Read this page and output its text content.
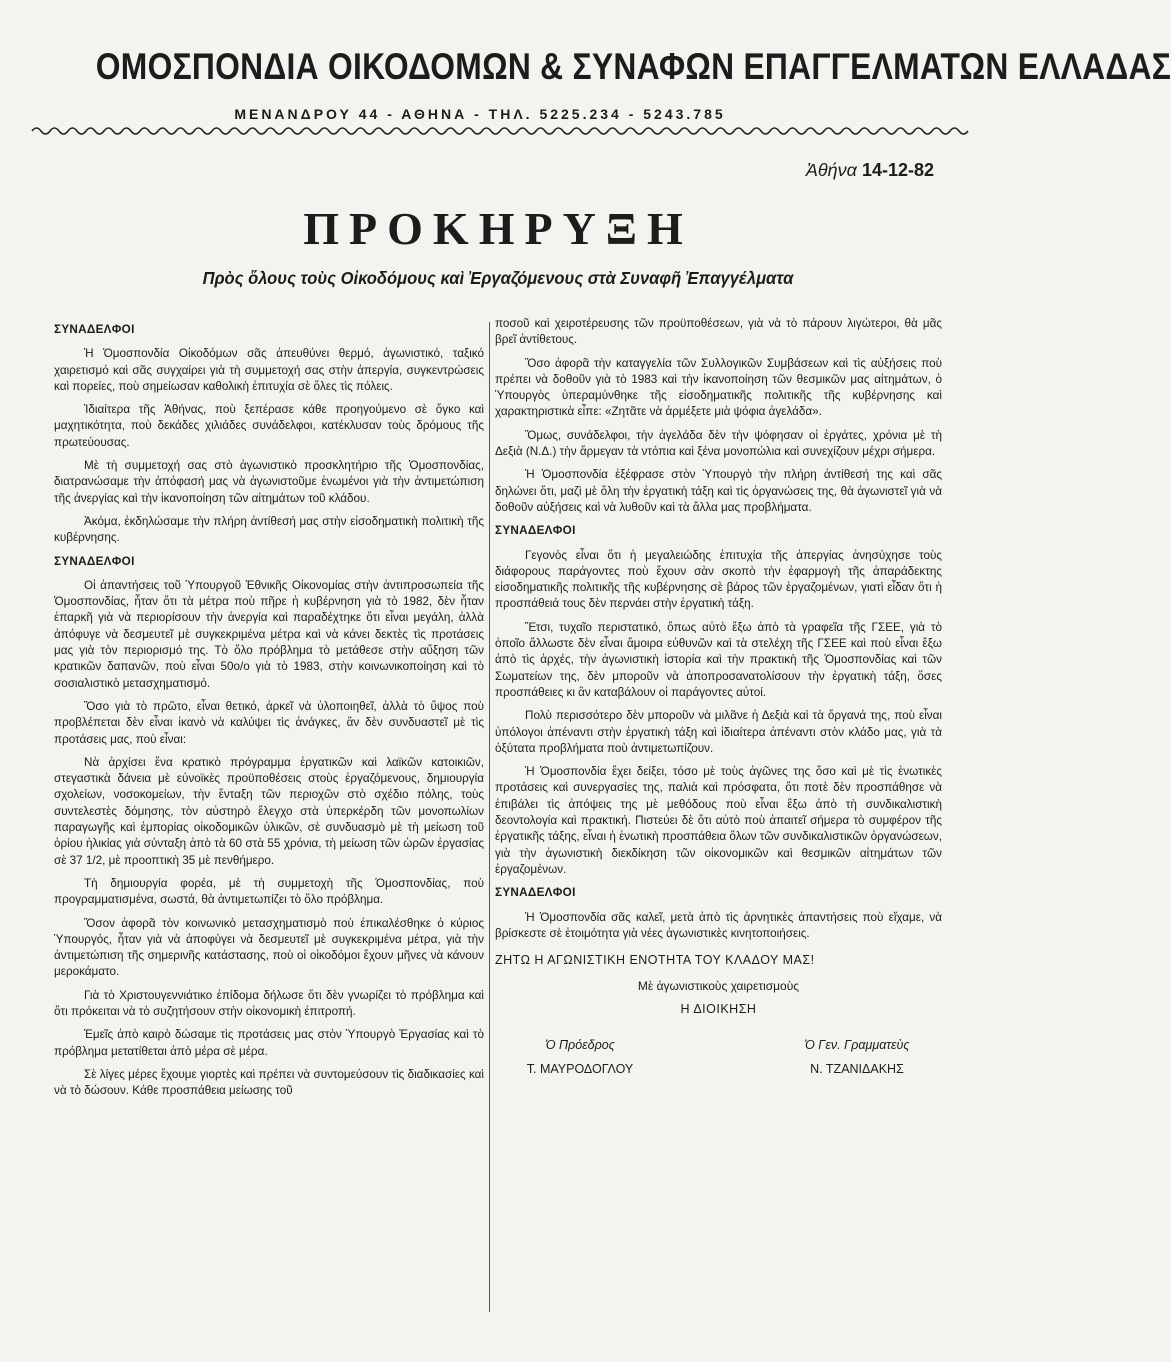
ΟΜΟΣΠΟΝΔΙΑ ΟΙΚΟΔΟΜΩΝ & ΣΥΝΑΦΩΝ ΕΠΑΓΓΕΛΜΑΤΩΝ ΕΛΛΑΔΑΣ
ΜΕΝΑΝΔΡΟΥ 44 - ΑΘΗΝΑ - ΤΗΛ. 5225.234 - 5243.785
Ἀθήνα 14-12-82
ΠΡΟΚΗΡΥΞΗ
Πρὸς ὅλους τοὺς Οἰκοδόμους καὶ Ἐργαζόμενους στὰ Συναφῆ Ἐπαγγέλματα
ΣΥΝΑΔΕΛΦΟΙ

Ἡ Ὁμοσπονδία Οἰκοδόμων σᾶς ἀπευθύνει θερμό, ἀγωνιστικό, ταξικό χαιρετισμό καὶ σᾶς συγχαίρει γιὰ τὴ συμμετοχή σας στὴν ἀπεργία, συγκεντρώσεις καὶ πορείες, ποὺ σημείωσαν καθολικὴ ἐπιτυχία σὲ ὅλες τὶς πόλεις.

Ἰδιαίτερα τῆς Ἀθήνας, ποὺ ξεπέρασε κάθε προηγούμενο σὲ ὄγκο καὶ μαχητικότητα, ποὺ δεκάδες χιλιάδες συνάδελφοι, κατέκλυσαν τοὺς δρόμους τῆς πρωτεύουσας.

Μὲ τὴ συμμετοχή σας στὸ ἀγωνιστικὸ προσκλητήριο τῆς Ὁμοσπονδίας, διατρανώσαμε τὴν ἀπόφασή μας νὰ ἀγωνιστοῦμε ἑνωμένοι γιὰ τὴν ἀντιμετώπιση τῆς ἀνεργίας καὶ τὴν ἱκανοποίηση τῶν αἰτημάτων τοῦ κλάδου.

Ἀκόμα, ἐκδηλώσαμε τὴν πλήρη ἀντίθεσή μας στὴν εἰσοδηματικὴ πολιτικὴ τῆς κυβέρνησης.

ΣΥΝΑΔΕΛΦΟΙ

Οἱ ἀπαντήσεις τοῦ Ὑπουργοῦ Ἐθνικῆς Οἰκονομίας στὴν ἀντιπροσωπεία τῆς Ὁμοσπονδίας, ἦταν ὅτι τὰ μέτρα ποὺ πῆρε ἡ κυβέρνηση γιὰ τὸ 1982, δὲν ἦταν ἐπαρκῆ γιὰ νὰ περιορίσουν τὴν ἀνεργία καὶ παραδέχτηκε ὅτι εἶναι μεγάλη, ἀλλὰ ἀπόφυγε νὰ δεσμευτεῖ μὲ συγκεκριμένα μέτρα καὶ νὰ κάνει δεκτὲς τὶς προτάσεις μας γιὰ τὸν περιορισμό της. Τὸ ὅλο πρόβλημα τὸ μετάθεσε στὴν αὔξηση τῶν κρατικῶν δαπανῶν, ποὺ εἶναι 50ο/ο γιὰ τὸ 1983, στὴν κοινωνικοποίηση καὶ τὸ σοσιαλιστικὸ μετασχηματισμό.

Ὅσο γιὰ τὸ πρῶτο, εἶναι θετικό, ἀρκεῖ νὰ ὑλοποιηθεῖ, ἀλλὰ τὸ ὕψος ποὺ προβλέπεται δὲν εἶναι ἱκανὸ νὰ καλύψει τὶς ἀνάγκες, ἂν δὲν συνδυαστεῖ μὲ τὶς προτάσεις μας, ποὺ εἶναι:

Νὰ ἀρχίσει ἕνα κρατικὸ πρόγραμμα ἐργατικῶν καὶ λαϊκῶν κατοικιῶν, στεγαστικὰ δάνεια μὲ εὐνοϊκὲς προϋποθέσεις στοὺς ἐργαζόμενους, δημιουργία σχολείων, νοσοκομείων, τὴν ἔνταξη τῶν περιοχῶν στὸ σχέδιο πόλης, τοὺς συντελεστὲς δόμησης, τὸν αὐστηρὸ ἔλεγχο στὰ ὑπερκέρδη τῶν μονοπωλίων παραγωγῆς καὶ ἐμπορίας οἰκοδομικῶν ὑλικῶν, σὲ συνδυασμὸ μὲ τὴ μείωση τοῦ ὁρίου ἡλικίας γιὰ σύνταξη ἀπὸ τὰ 60 στὰ 55 χρόνια, τὴ μείωση τῶν ὡρῶν ἐργασίας σὲ 37 1/2, μὲ προοπτικὴ 35 μὲ πενθήμερο.

Τὴ δημιουργία φορέα, μὲ τὴ συμμετοχὴ τῆς Ὁμοσπονδίας, ποὺ προγραμματισμένα, σωστά, θὰ ἀντιμετωπίζει τὸ ὅλο πρόβλημα.

Ὅσον ἀφορᾶ τὸν κοινωνικὸ μετασχηματισμὸ ποὺ ἐπικαλέσθηκε ὁ κύριος Ὑπουργός, ἦταν γιὰ νὰ ἀποφύγει νὰ δεσμευτεῖ μὲ συγκεκριμένα μέτρα, γιὰ τὴν ἀντιμετώπιση τῆς σημερινῆς κατάστασης, ποὺ οἱ οἰκοδόμοι ἔχουν μῆνες νὰ κάνουν μεροκάματο.

Γιὰ τὸ Χριστουγεννιάτικο ἐπίδομα δήλωσε ὅτι δὲν γνωρίζει τὸ πρόβλημα καὶ ὅτι πρόκειται νὰ τὸ συζητήσουν στὴν οἰκονομικὴ ἐπιτροπή.

Ἐμεῖς ἀπὸ καιρὸ δώσαμε τὶς προτάσεις μας στὸν Ὑπουργὸ Ἐργασίας καὶ τὸ πρόβλημα μετατίθεται ἀπὸ μέρα σὲ μέρα.

Σὲ λίγες μέρες ἔχουμε γιορτὲς καὶ πρέπει νὰ συντομεύσουν τὶς διαδικασίες καὶ νὰ τὸ δώσουν. Κάθε προσπάθεια μείωσης τοῦ

ποσοῦ καὶ χειροτέρευσης τῶν προϋποθέσεων, γιὰ νὰ τὸ πάρουν λιγώτεροι, θὰ μᾶς βρεῖ ἀντίθετους.

Ὅσο ἀφορᾶ τὴν καταγγελία τῶν Συλλογικῶν Συμβάσεων καὶ τὶς αὐξήσεις ποὺ πρέπει νὰ δοθοῦν γιὰ τὸ 1983 καὶ τὴν ἱκανοποίηση τῶν θεσμικῶν μας αἰτημάτων, ὁ Ὑπουργὸς ὑπεραμύνθηκε τῆς εἰσοδηματικῆς πολιτικῆς τῆς κυβέρνησης καὶ χαρακτηριστικὰ εἶπε: «Ζητᾶτε νὰ ἀρμέξετε μιὰ ψόφια ἀγελάδα».

Ὅμως, συνάδελφοι, τὴν ἀγελάδα δὲν τὴν ψόφησαν οἱ ἐργάτες, χρόνια μὲ τὴ Δεξιὰ (Ν.Δ.) τὴν ἄρμεγαν τὰ ντόπια καὶ ξένα μονοπώλια καὶ συνεχίζουν μέχρι σήμερα.

Ἡ Ὁμοσπονδία ἐξέφρασε στὸν Ὑπουργὸ τὴν πλήρη ἀντίθεσή της καὶ σᾶς δηλώνει ὅτι, μαζὶ μὲ ὅλη τὴν ἐργατικὴ τάξη καὶ τὶς ὀργανώσεις της, θὰ ἀγωνιστεῖ γιὰ νὰ δοθοῦν αὐξήσεις καὶ νὰ λυθοῦν καὶ τὰ ἄλλα μας προβλήματα.

ΣΥΝΑΔΕΛΦΟΙ

Γεγονὸς εἶναι ὅτι ἡ μεγαλειώδης ἐπιτυχία τῆς ἀπεργίας ἀνησύχησε τοὺς διάφορους παράγοντες ποὺ ἔχουν σὰν σκοπὸ τὴν ἐφαρμογὴ τῆς ἀπαράδεκτης εἰσοδηματικῆς πολιτικῆς τῆς κυβέρνησης σὲ βάρος τῶν ἐργαζομένων, γιατὶ εἶδαν ὅτι ἡ προσπάθειά τους δὲν περνάει στὴν ἐργατικὴ τάξη.

Ἔτσι, τυχαῖο περιστατικό, ὅπως αὐτὸ ἔξω ἀπὸ τὰ γραφεῖα τῆς ΓΣΕΕ, γιὰ τὸ ὁποῖο ἄλλωστε δὲν εἶναι ἄμοιρα εὐθυνῶν καὶ τὰ στελέχη τῆς ΓΣΕΕ καὶ ποὺ εἶναι ἔξω ἀπὸ τὶς ἀρχές, τὴν ἀγωνιστικὴ ἱστορία καὶ τὴν πρακτικὴ τῆς Ὁμοσπονδίας καὶ τῶν Σωματείων της, δὲν μποροῦν νὰ ἀποπροσανατολίσουν τὴν ἐργατικὴ τάξη, ὅσες προσπάθειες κι ἂν καταβάλουν οἱ παράγοντες αὐτοί.

Πολὺ περισσότερο δὲν μποροῦν νὰ μιλᾶνε ἡ Δεξιὰ καὶ τὰ ὄργανά της, ποὺ εἶναι ὑπόλογοι ἀπέναντι στὴν ἐργατικὴ τάξη καὶ ἰδιαίτερα ἀπέναντι στὸν κλάδο μας, γιὰ τὰ ὀξύτατα προβλήματα ποὺ ἀντιμετωπίζουν.

Ἡ Ὁμοσπονδία ἔχει δείξει, τόσο μὲ τοὺς ἀγῶνες της ὅσο καὶ μὲ τὶς ἑνωτικὲς προτάσεις καὶ συνεργασίες της, παλιὰ καὶ πρόσφατα, ὅτι ποτὲ δὲν προσπάθησε νὰ ἐπιβάλει τὶς ἀπόψεις της μὲ μεθόδους ποὺ εἶναι ἔξω ἀπὸ τὴ συνδικαλιστικὴ δεοντολογία καὶ πρακτική. Πιστεύει δὲ ὅτι αὐτὸ ποὺ ἀπαιτεῖ σήμερα τὸ συμφέρον τῆς ἐργατικῆς τάξης, εἶναι ἡ ἑνωτικὴ προσπάθεια ὅλων τῶν συνδικαλιστικῶν ὀργανώσεων, γιὰ τὴν ἀγωνιστικὴ διεκδίκηση τῶν οἰκονομικῶν καὶ θεσμικῶν αἰτημάτων τῶν ἐργαζομένων.

ΣΥΝΑΔΕΛΦΟΙ

Ἡ Ὁμοσπονδία σᾶς καλεῖ, μετὰ ἀπὸ τὶς ἀρνητικὲς ἀπαντήσεις ποὺ εἴχαμε, νὰ βρίσκεστε σὲ ἑτοιμότητα γιὰ νέες ἀγωνιστικὲς κινητοποιήσεις.

ΖΗΤΩ Η ΑΓΩΝΙΣΤΙΚΗ ΕΝΟΤΗΤΑ ΤΟΥ ΚΛΑΔΟΥ ΜΑΣ!

Μὲ ἀγωνιστικοὺς χαιρετισμοὺς

Η ΔΙΟΙΚΗΣΗ

Ὁ Πρόεδρος
Τ. ΜΑΥΡΟΔΟΓΛΟΥ
Ὁ Γεν. Γραμματεὺς
Ν. ΤΖΑΝΙΔΑΚΗΣ
